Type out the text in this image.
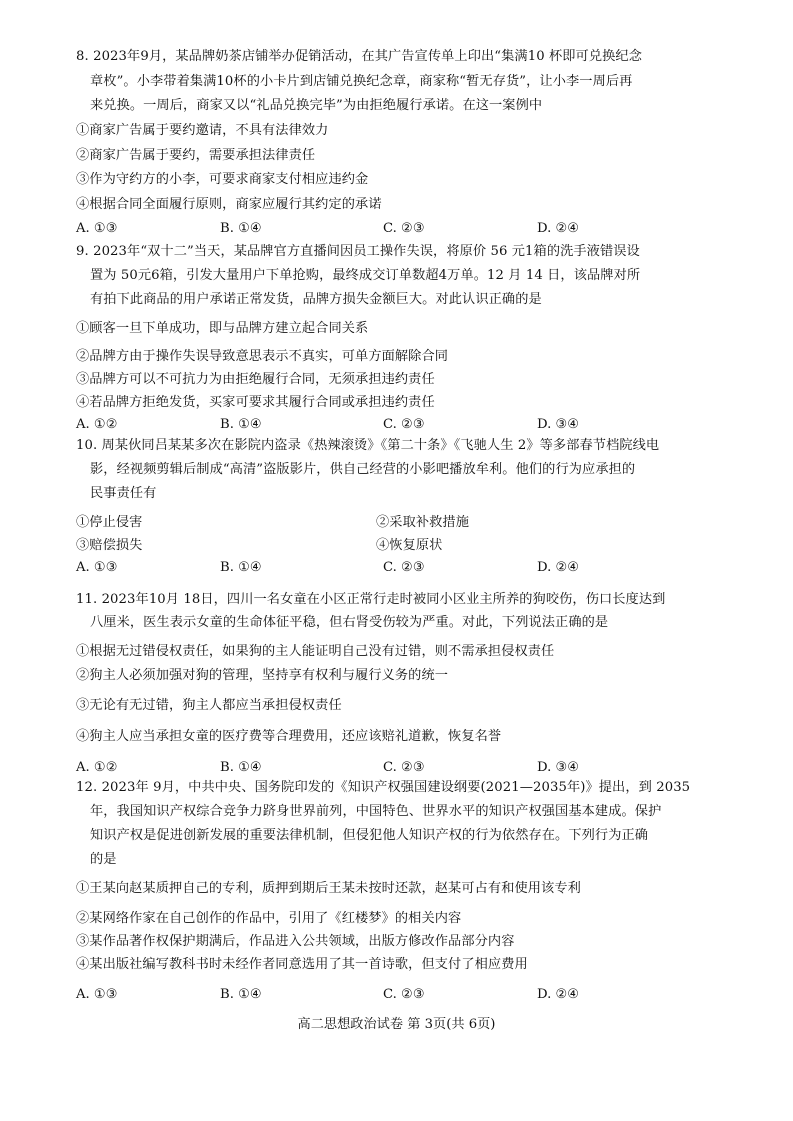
8. 2023年9月，某品牌奶茶店铺举办促销活动，在其广告宣传单上印出“集满10 杯即可兑换纪念
章枚”。小李带着集满10杯的小卡片到店铺兑换纪念章，商家称“暂无存货”，让小李一周后再
来兑换。一周后，商家又以“礼品兑换完毕”为由拒绝履行承诺。在这一案例中
①商家广告属于要约邀请，不具有法律效力
②商家广告属于要约，需要承担法律责任
③作为守约方的小李，可要求商家支付相应违约金
④根据合同全面履行原则，商家应履行其约定的承诺
A. ①③	B. ①④	C. ②③	D. ②④
9. 2023年“双十二”当天，某品牌官方直播间因员工操作失误，将原价 56 元1箱的洗手液错误设
置为 50元6箱，引发大量用户下单抢购，最终成交订单数超4万单。12 月 14 日，该品牌对所
有拍下此商品的用户承诺正常发货，品牌方损失金额巨大。对此认识正确的是
①顾客一旦下单成功，即与品牌方建立起合同关系
②品牌方由于操作失误导致意思表示不真实，可单方面解除合同
③品牌方可以不可抗力为由拒绝履行合同，无须承担违约责任
④若品牌方拒绝发货，买家可要求其履行合同或承担违约责任
A. ①②	B. ①④	C. ②③	D. ③④
10. 周某伙同吕某某多次在影院内盗录《热辣滚烫》《第二十条》《飞驰人生 2》等多部春节档院线电
影，经视频剪辑后制成“高清”盗版影片，供自己经营的小影吧播放牟利。他们的行为应承担的
民事责任有
①停止侵害	②采取补救措施
③赔偿损失	④恢复原状
A. ①③	B. ①④	C. ②③	D. ②④
11. 2023年10月 18日，四川一名女童在小区正常行走时被同小区业主所养的狗咬伤，伤口长度达到
八厘米，医生表示女童的生命体征平稳，但右肾受伤较为严重。对此，下列说法正确的是
①根据无过错侵权责任，如果狗的主人能证明自己没有过错，则不需承担侵权责任
②狗主人必须加强对狗的管理，坚持享有权利与履行义务的统一
③无论有无过错，狗主人都应当承担侵权责任
④狗主人应当承担女童的医疗费等合理费用，还应该赔礼道歉，恢复名誉
A. ①②	B. ①④	C. ②③	D. ③④
12. 2023年 9月，中共中央、国务院印发的《知识产权强国建设纲要(2021—2035年)》提出，到 2035
年，我国知识产权综合竞争力跻身世界前列，中国特色、世界水平的知识产权强国基本建成。保护
知识产权是促进创新发展的重要法律机制，但侵犯他人知识产权的行为依然存在。下列行为正确
的是
①王某向赵某质押自己的专利，质押到期后王某未按时还款，赵某可占有和使用该专利
②某网络作家在自己创作的作品中，引用了《红楼梦》的相关内容
③某作品著作权保护期满后，作品进入公共领域，出版方修改作品部分内容
④某出版社编写教科书时未经作者同意选用了其一首诗歌，但支付了相应费用
A. ①③	B. ①④	C. ②③	D. ②④
高二思想政治试卷 第 3页(共 6页)
